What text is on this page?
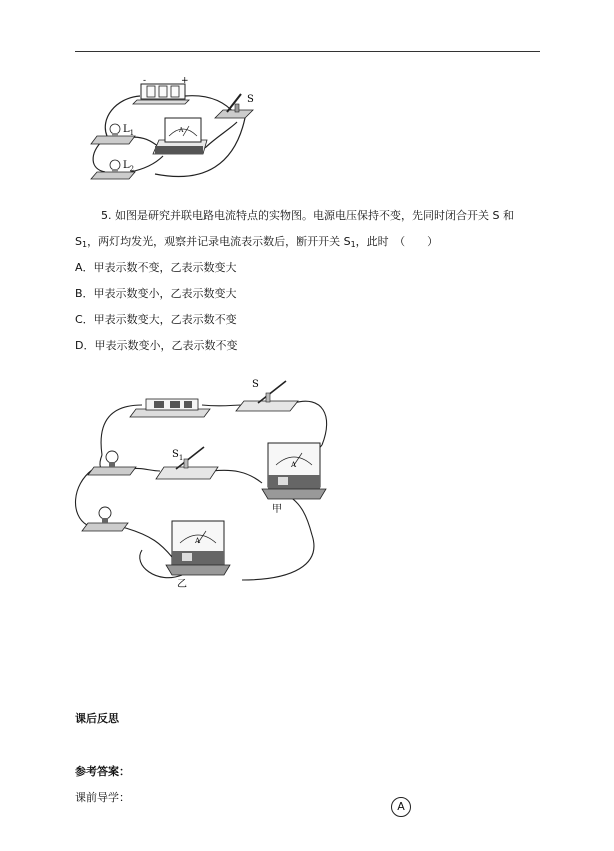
-	+
S
$L_1$
$L_2$
A
5. 如图是研究并联电路电流特点的实物图。电源电压保持不变，先同时闭合开关 S 和
$S_1$，两灯均发光，观察并记录电流表示数后，断开开关 $S_1$，此时　（　　）
A．甲表示数不变，乙表示数变大
B．甲表示数变小，乙表示数变大
C．甲表示数变大，乙表示数不变
D．甲表示数变小，乙表示数不变
S
$S_1$
A
甲
A
乙
课后反思
参考答案：
课前导学：
A
